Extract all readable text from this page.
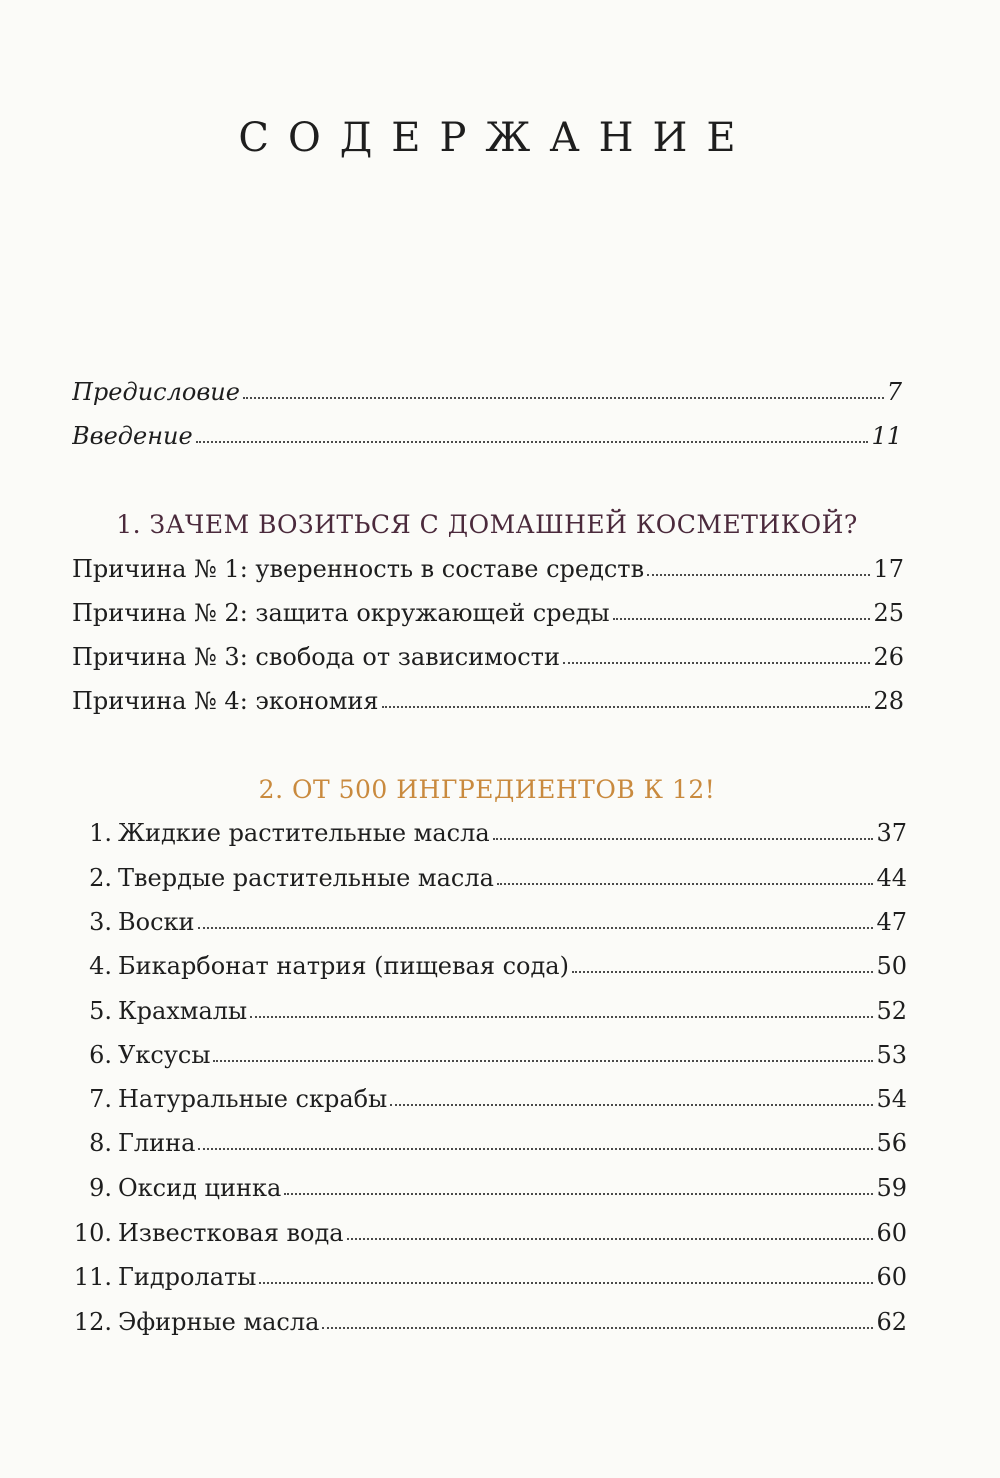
СОДЕРЖАНИЕ
Предисловие	7
Введение	11
1. ЗАЧЕМ ВОЗИТЬСЯ С ДОМАШНЕЙ КОСМЕТИКОЙ?
Причина № 1: уверенность в составе средств	17
Причина № 2: защита окружающей среды	25
Причина № 3: свобода от зависимости	26
Причина № 4: экономия	28
2. ОТ 500 ИНГРЕДИЕНТОВ К 12!
1. Жидкие растительные масла	37
2. Твердые растительные масла	44
3. Воски	47
4. Бикарбонат натрия (пищевая сода)	50
5. Крахмалы	52
6. Уксусы	53
7. Натуральные скрабы	54
8. Глина	56
9. Оксид цинка	59
10. Известковая вода	60
11. Гидролаты	60
12. Эфирные масла	62
